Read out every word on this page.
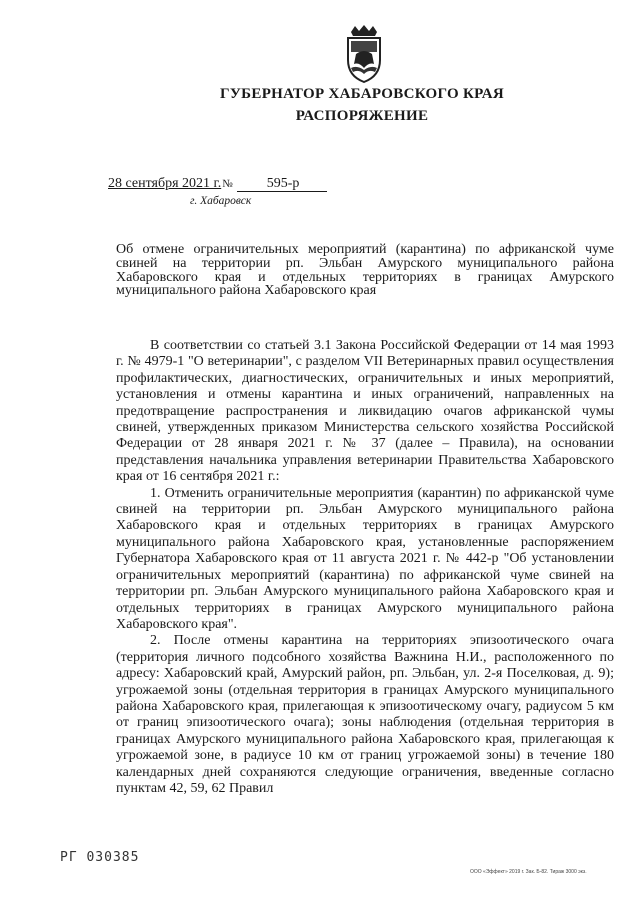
ГУБЕРНАТОР ХАБАРОВСКОГО КРАЯ
РАСПОРЯЖЕНИЕ
28 сентября 2021 г.№ 595-р
г. Хабаровск
Об отмене ограничительных мероприятий (карантина) по африканской чуме свиней на территории рп. Эльбан Амурского муниципального района Хабаровского края и отдельных территориях в границах Амурского муниципального района Хабаровского края

В соответствии со статьей 3.1 Закона Российской Федерации от 14 мая 1993 г. № 4979-1 "О ветеринарии", с разделом VII Ветеринарных правил осуществления профилактических, диагностических, ограничительных и иных мероприятий, установления и отмены карантина и иных ограничений, направленных на предотвращение распространения и ликвидацию очагов африканской чумы свиней, утвержденных приказом Министерства сельского хозяйства Российской Федерации от 28 января 2021 г. № 37 (далее – Правила), на основании представления начальника управления ветеринарии Правительства Хабаровского края от 16 сентября 2021 г.:

1. Отменить ограничительные мероприятия (карантин) по африканской чуме свиней на территории рп. Эльбан Амурского муниципального района Хабаровского края и отдельных территориях в границах Амурского муниципального района Хабаровского края, установленные распоряжением Губернатора Хабаровского края от 11 августа 2021 г. № 442-р "Об установлении ограничительных мероприятий (карантина) по африканской чуме свиней на территории рп. Эльбан Амурского муниципального района Хабаровского края и отдельных территориях в границах Амурского муниципального района Хабаровского края".

2. После отмены карантина на территориях эпизоотического очага (территория личного подсобного хозяйства Важнина Н.И., расположенного по адресу: Хабаровский край, Амурский район, рп. Эльбан, ул. 2-я Поселковая, д. 9); угрожаемой зоны (отдельная территория в границах Амурского муниципального района Хабаровского края, прилегающая к эпизоотическому очагу, радиусом 5 км от границ эпизоотического очага); зоны наблюдения (отдельная территория в границах Амурского муниципального района Хабаровского края, прилегающая к угрожаемой зоне, в радиусе 10 км от границ угрожаемой зоны) в течение 180 календарных дней сохраняются следующие ограничения, введенные согласно пунктам 42, 59, 62 Правил

РГ 030385
ООО «Эффект» 2019 г. Зак. Б-82. Тираж 3000 экз.
